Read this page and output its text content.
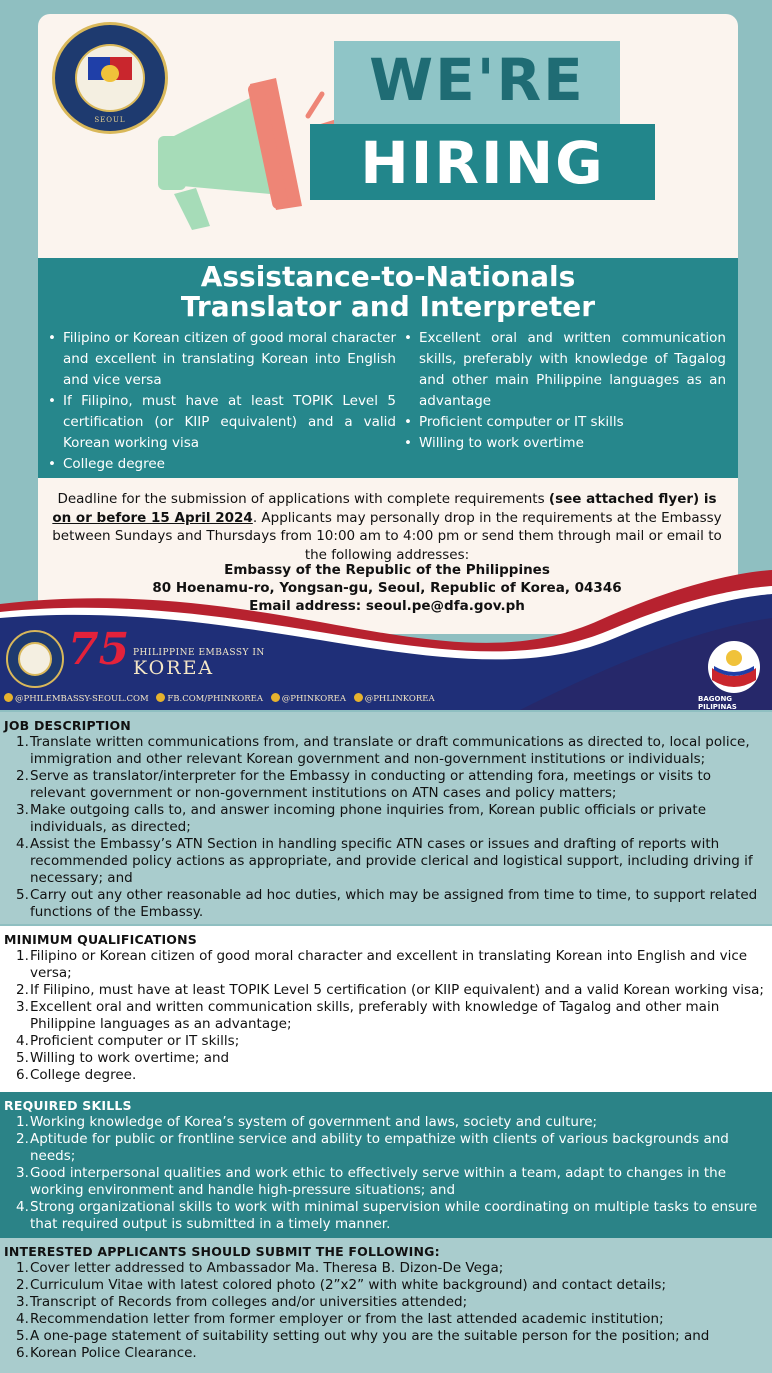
SEOUL
WE'RE
HIRING
Assistance-to-Nationals
Translator and Interpreter
• Filipino or Korean citizen of good moral character and excellent in translating Korean into English and vice versa
• If Filipino, must have at least TOPIK Level 5 certification (or KIIP equivalent) and a valid Korean working visa
• College degree
• Excellent oral and written communication skills, preferably with knowledge of Tagalog and other main Philippine languages as an advantage
• Proficient computer or IT skills
• Willing to work overtime
Deadline for the submission of applications with complete requirements (see attached flyer) is on or before 15 April 2024. Applicants may personally drop in the requirements at the Embassy between Sundays and Thursdays from 10:00 am to 4:00 pm or send them through mail or email to the following addresses:
Embassy of the Republic of the Philippines
80 Hoenamu-ro, Yongsan-gu, Seoul, Republic of Korea, 04346
Email address: seoul.pe@dfa.gov.ph
75 PHILIPPINE EMBASSY IN
KOREA
@PHILEMBASSY-SEOUL.COM FB.COM/PHINKOREA @PHINKOREA @PHLINKOREA	BAGONG PILIPINAS
JOB DESCRIPTION
1. Translate written communications from, and translate or draft communications as directed to, local police, immigration and other relevant Korean government and non-government institutions or individuals;
2. Serve as translator/interpreter for the Embassy in conducting or attending fora, meetings or visits to relevant government or non-government institutions on ATN cases and policy matters;
3. Make outgoing calls to, and answer incoming phone inquiries from, Korean public officials or private individuals, as directed;
4. Assist the Embassy’s ATN Section in handling specific ATN cases or issues and drafting of reports with recommended policy actions as appropriate, and provide clerical and logistical support, including driving if necessary; and
5. Carry out any other reasonable ad hoc duties, which may be assigned from time to time, to support related functions of the Embassy.
MINIMUM QUALIFICATIONS
1. Filipino or Korean citizen of good moral character and excellent in translating Korean into English and vice versa;
2. If Filipino, must have at least TOPIK Level 5 certification (or KIIP equivalent) and a valid Korean working visa;
3. Excellent oral and written communication skills, preferably with knowledge of Tagalog and other main Philippine languages as an advantage;
4. Proficient computer or IT skills;
5. Willing to work overtime; and
6. College degree.
REQUIRED SKILLS
1. Working knowledge of Korea’s system of government and laws, society and culture;
2. Aptitude for public or frontline service and ability to empathize with clients of various backgrounds and needs;
3. Good interpersonal qualities and work ethic to effectively serve within a team, adapt to changes in the working environment and handle high-pressure situations; and
4. Strong organizational skills to work with minimal supervision while coordinating on multiple tasks to ensure that required output is submitted in a timely manner.
INTERESTED APPLICANTS SHOULD SUBMIT THE FOLLOWING:
1. Cover letter addressed to Ambassador Ma. Theresa B. Dizon-De Vega;
2. Curriculum Vitae with latest colored photo (2”x2” with white background) and contact details;
3. Transcript of Records from colleges and/or universities attended;
4. Recommendation letter from former employer or from the last attended academic institution;
5. A one-page statement of suitability setting out why you are the suitable person for the position; and
6. Korean Police Clearance.
